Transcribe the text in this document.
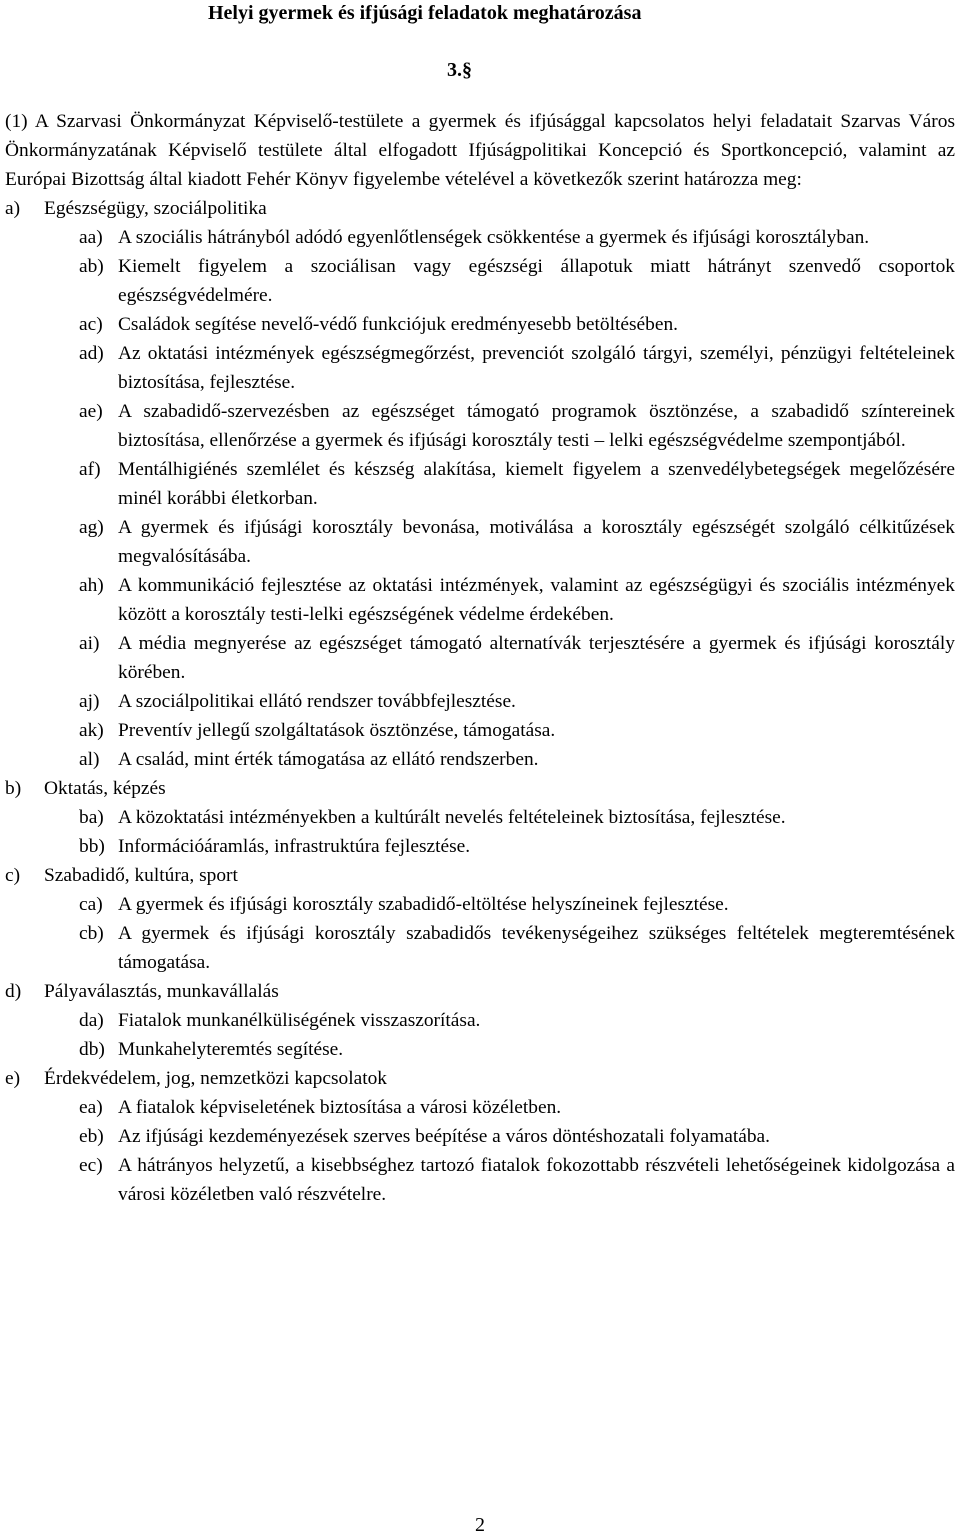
Helyi gyermek és ifjúsági feladatok meghatározása
3.§

(1) A Szarvasi Önkormányzat Képviselő-testülete a gyermek és ifjúsággal kapcsolatos helyi feladatait Szarvas Város Önkormányzatának Képviselő testülete által elfogadott Ifjúságpolitikai Koncepció és Sportkoncepció, valamint az Európai Bizottság által kiadott Fehér Könyv figyelembe vételével a következők szerint határozza meg:

a)	Egészségügy, szociálpolitika
aa) A szociális hátrányból adódó egyenlőtlenségek csökkentése a gyermek és ifjúsági korosztályban.
ab) Kiemelt figyelem a szociálisan vagy egészségi állapotuk miatt hátrányt szenvedő csoportok egészségvédelmére.
ac) Családok segítése nevelő-védő funkciójuk eredményesebb betöltésében.
ad) Az oktatási intézmények egészségmegőrzést, prevenciót szolgáló tárgyi, személyi, pénzügyi feltételeinek biztosítása, fejlesztése.
ae) A szabadidő-szervezésben az egészséget támogató programok ösztönzése, a szabadidő színtereinek biztosítása, ellenőrzése a gyermek és ifjúsági korosztály testi – lelki egészségvédelme szempontjából.
af) Mentálhigiénés szemlélet és készség alakítása, kiemelt figyelem a szenvedélybetegségek megelőzésére minél korábbi életkorban.
ag) A gyermek és ifjúsági korosztály bevonása, motiválása a korosztály egészségét szolgáló célkitűzések megvalósításába.
ah) A kommunikáció fejlesztése az oktatási intézmények, valamint az egészségügyi és szociális intézmények között a korosztály testi-lelki egészségének védelme érdekében.
ai) A média megnyerése az egészséget támogató alternatívák terjesztésére a gyermek és ifjúsági korosztály körében.
aj) A szociálpolitikai ellátó rendszer továbbfejlesztése.
ak) Preventív jellegű szolgáltatások ösztönzése, támogatása.
al) A család, mint érték támogatása az ellátó rendszerben.
b)	Oktatás, képzés
ba) A közoktatási intézményekben a kultúrált nevelés feltételeinek biztosítása, fejlesztése.
bb) Információáramlás, infrastruktúra fejlesztése.
c)	Szabadidő, kultúra, sport
ca) A gyermek és ifjúsági korosztály szabadidő-eltöltése helyszíneinek fejlesztése.
cb) A gyermek és ifjúsági korosztály szabadidős tevékenységeihez szükséges feltételek megteremtésének támogatása.
d)	Pályaválasztás, munkavállalás
da) Fiatalok munkanélküliségének visszaszorítása.
db) Munkahelyteremtés segítése.
e)	Érdekvédelem, jog, nemzetközi kapcsolatok
ea) A fiatalok képviseletének biztosítása a városi közéletben.
eb) Az ifjúsági kezdeményezések szerves beépítése a város döntéshozatali folyamatába.
ec) A hátrányos helyzetű, a kisebbséghez tartozó fiatalok fokozottabb részvételi lehetőségeinek kidolgozása a városi közéletben való részvételre.
2
